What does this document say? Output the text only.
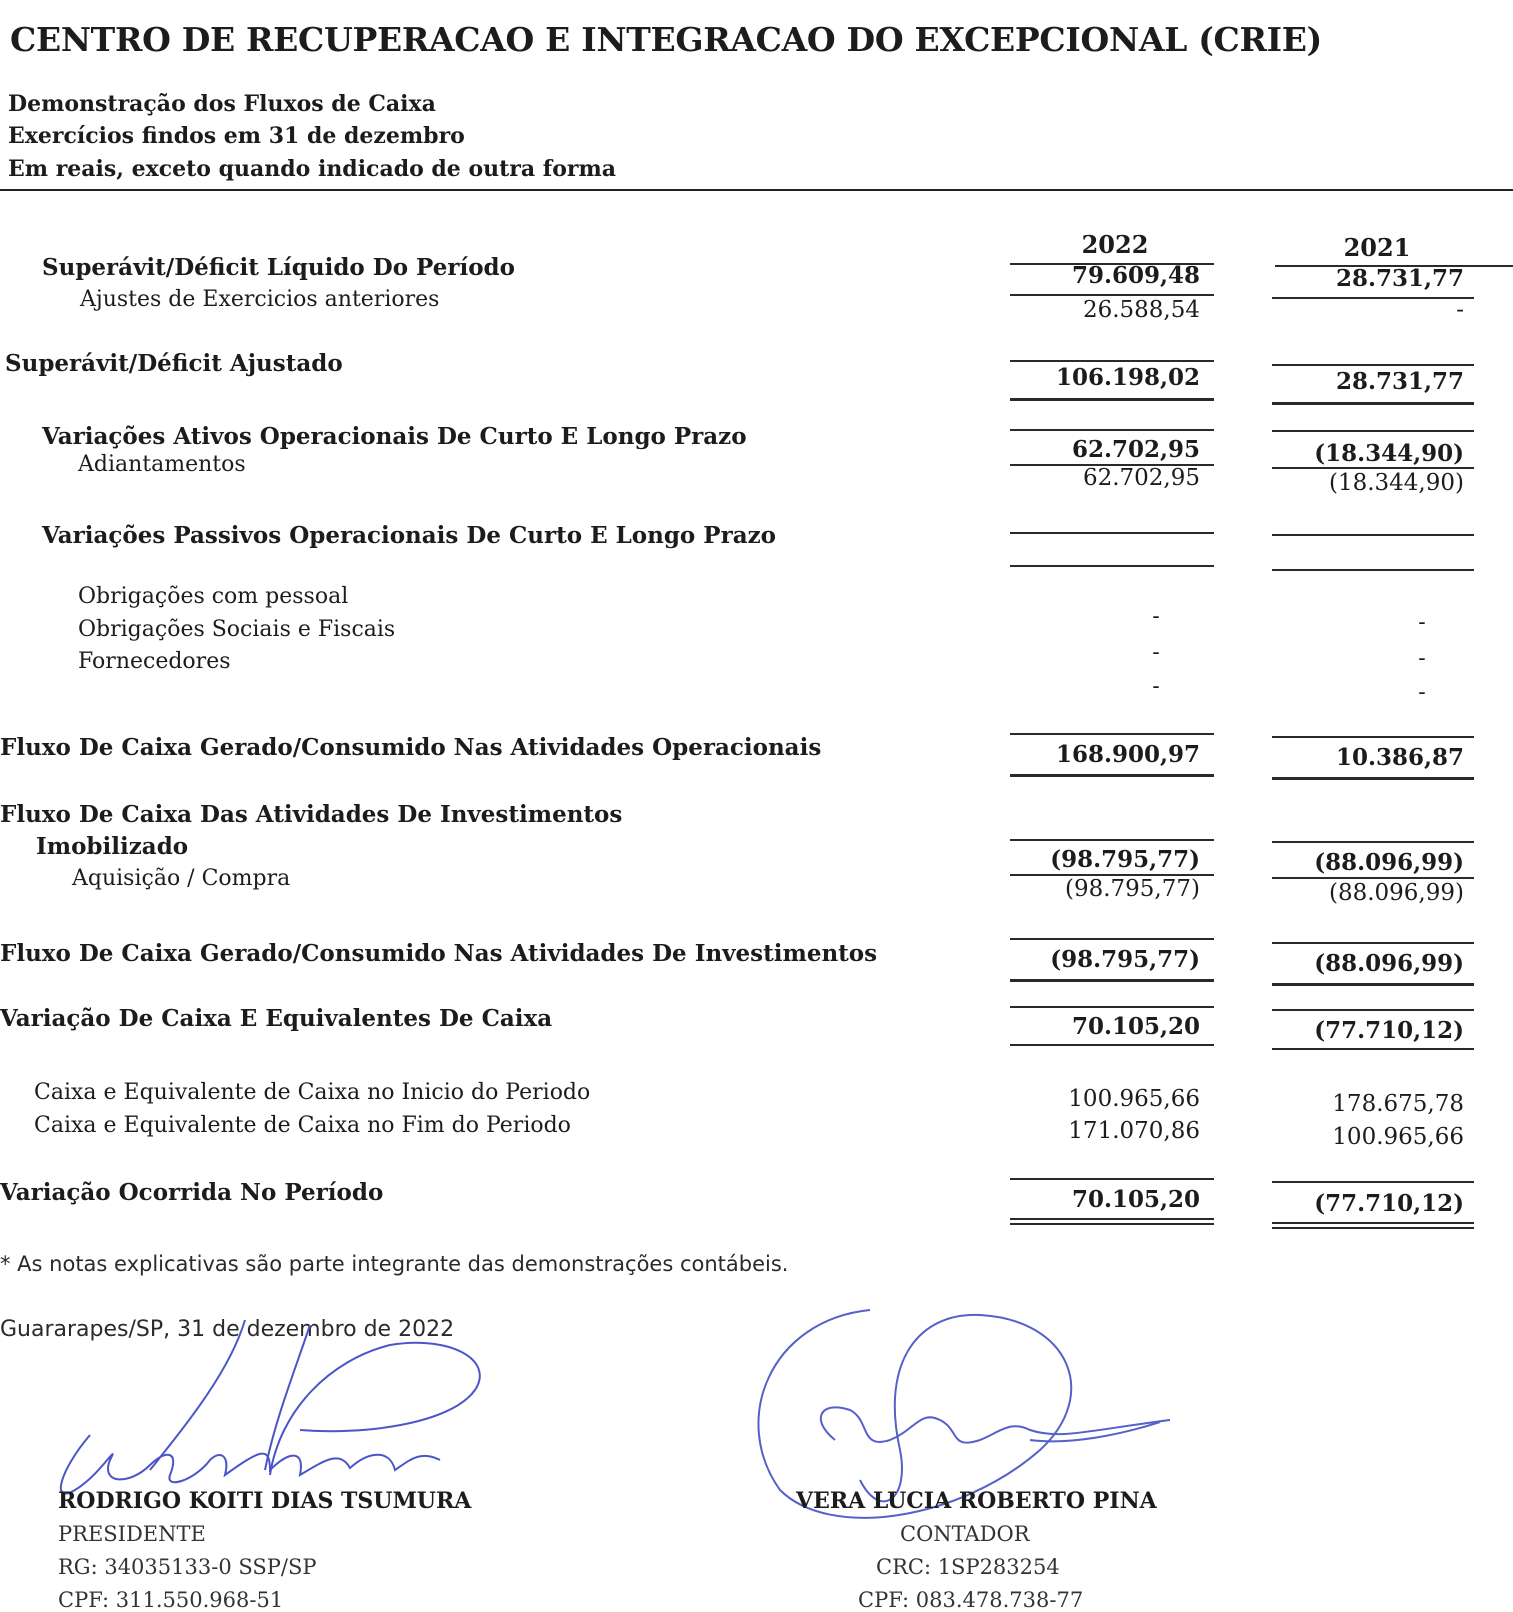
CENTRO DE RECUPERACAO E INTEGRACAO DO EXCEPCIONAL (CRIE)
Demonstração dos Fluxos de Caixa
Exercícios findos em 31 de dezembro
Em reais, exceto quando indicado de outra forma
2022	2021
Superávit/Déficit Líquido Do Período	79.609,48	28.731,77
Ajustes de Exercicios anteriores	26.588,54	-
Superávit/Déficit Ajustado
106.198,02	28.731,77
Variações Ativos Operacionais De Curto E Longo Prazo	62.702,95	(18.344,90)
Adiantamentos
62.702,95	(18.344,90)
Variações Passivos Operacionais De Curto E Longo Prazo
Obrigações com pessoal
-	-
Obrigações Sociais e Fiscais
-	-
Fornecedores
-	-
Fluxo De Caixa Gerado/Consumido Nas Atividades Operacionais	168.900,97	10.386,87
Fluxo De Caixa Das Atividades De Investimentos
Imobilizado	(98.795,77)	(88.096,99)
Aquisição / Compra	(98.795,77)	(88.096,99)
Fluxo De Caixa Gerado/Consumido Nas Atividades De Investimentos	(98.795,77)	(88.096,99)
Variação De Caixa E Equivalentes De Caixa	70.105,20	(77.710,12)
Caixa e Equivalente de Caixa no Inicio do Periodo	100.965,66	178.675,78
Caixa e Equivalente de Caixa no Fim do Periodo	171.070,86	100.965,66
Variação Ocorrida No Período	70.105,20	(77.710,12)
* As notas explicativas são parte integrante das demonstrações contábeis.
Guararapes/SP, 31 de dezembro de 2022
RODRIGO KOITI DIAS TSUMURA
PRESIDENTE
RG: 34035133-0 SSP/SP
CPF: 311.550.968-51
VERA LUCIA ROBERTO PINA
CONTADOR
CRC: 1SP283254
CPF: 083.478.738-77
